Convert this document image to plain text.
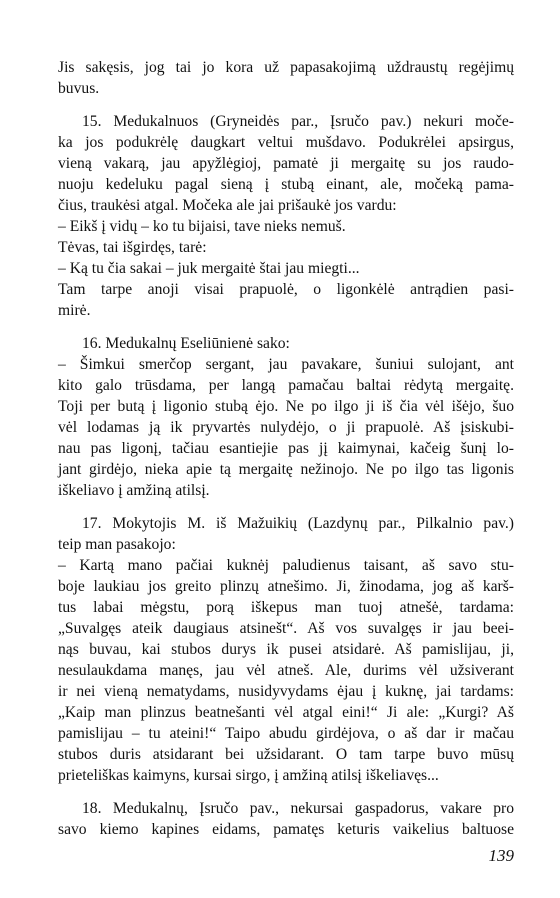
Jis sakęsis, jog tai jo kora už papasakojimą uždraustų regėjimų
buvus.

15. Medukalnuos (Gryneidės par., Įsručo pav.) nekuri moče-
ka jos podukrėlę daugkart veltui mušdavo. Podukrėlei apsirgus,
vieną vakarą, jau apyžlėgioj, pamatė ji mergaitę su jos raudo-
nuoju kedeluku pagal sieną į stubą einant, ale, močeką pama-
čius, traukėsi atgal. Močeka ale jai prišaukė jos vardu:
– Eikš į vidų – ko tu bijaisi, tave nieks nemuš.
Tėvas, tai išgirdęs, tarė:
– Ką tu čia sakai – juk mergaitė štai jau miegti...
Tam tarpe anoji visai prapuolė, o ligonkėlė antrądien pasi-
mirė.

16. Medukalnų Eseliūnienė sako:
– Šimkui smerčop sergant, jau pavakare, šuniui sulojant, ant
kito galo trūsdama, per langą pamačau baltai rėdytą mergaitę.
Toji per butą į ligonio stubą ėjo. Ne po ilgo ji iš čia vėl išėjo, šuo
vėl lodamas ją ik pryvartės nulydėjo, o ji prapuolė. Aš įsiskubi-
nau pas ligonį, tačiau esantiejie pas jį kaimynai, kačeig šunį lo-
jant girdėjo, nieka apie tą mergaitę nežinojo. Ne po ilgo tas ligonis
iškeliavo į amžiną atilsį.

17. Mokytojis M. iš Mažuikių (Lazdynų par., Pilkalnio pav.)
teip man pasakojo:
– Kartą mano pačiai kuknėj paludienus taisant, aš savo stu-
boje laukiau jos greito plinzų atnešimo. Ji, žinodama, jog aš karš-
tus labai mėgstu, porą iškepus man tuoj atnešė, tardama:
„Suvalgęs ateik daugiaus atsinešt“. Aš vos suvalgęs ir jau beei-
nąs buvau, kai stubos durys ik pusei atsidarė. Aš pamislijau, ji,
nesulaukdama manęs, jau vėl atneš. Ale, durims vėl užsiverant
ir nei vieną nematydams, nusidyvydams ėjau į kuknę, jai tardams:
„Kaip man plinzus beatnešanti vėl atgal eini!“ Ji ale: „Kurgi? Aš
pamislijau – tu ateini!“ Taipo abudu girdėjova, o aš dar ir mačau
stubos duris atsidarant bei užsidarant. O tam tarpe buvo mūsų
prieteliškas kaimyns, kursai sirgo, į amžiną atilsį iškeliavęs...

18. Medukalnų, Įsručo pav., nekursai gaspadorus, vakare pro
savo kiemo kapines eidams, pamatęs keturis vaikelius baltuose

139
